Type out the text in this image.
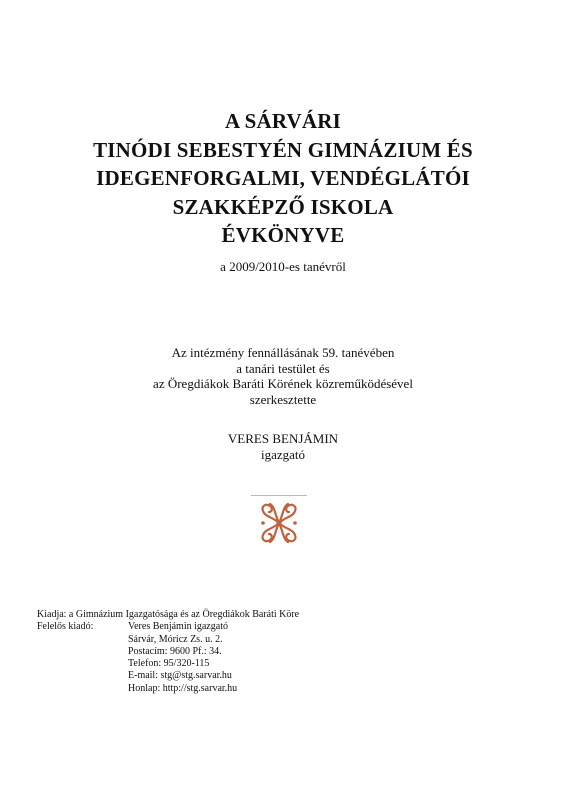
A SÁRVÁRI
TINÓDI SEBESTYÉN GIMNÁZIUM ÉS
IDEGENFORGALMI, VENDÉGLÁTÓI
SZAKKÉPZŐ ISKOLA
ÉVKÖNYVE
a 2009/2010-es tanévről
Az intézmény fennállásának 59. tanévében
a tanári testület és
az Öregdiákok Baráti Körének közreműködésével
szerkesztette
VERES BENJÁMIN
igazgató
Kiadja: a Gimnázium Igazgatósága és az Öregdiákok Baráti Köre
Felelős kiadó:	Veres Benjámin igazgató
Sárvár, Móricz Zs. u. 2.
Postacím: 9600 Pf.: 34.
Telefon: 95/320-115
E-mail: stg@stg.sarvar.hu
Honlap: http://stg.sarvar.hu
